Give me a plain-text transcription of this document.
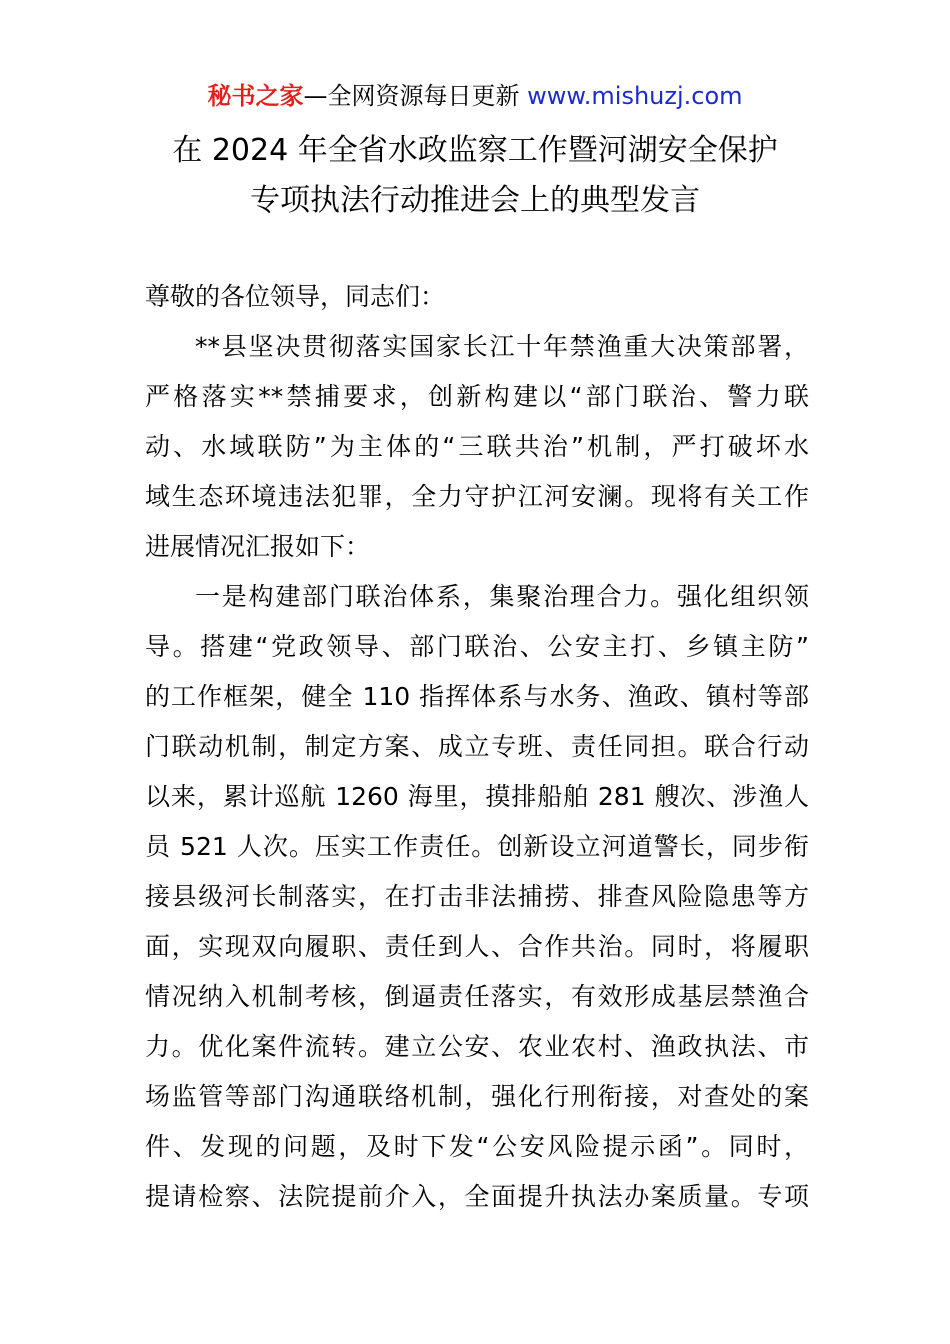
秘书之家—全网资源每日更新 www.mishuzj.com
在 2024 年全省水政监察工作暨河湖安全保护
专项执法行动推进会上的典型发言
尊敬的各位领导，同志们：
**县坚决贯彻落实国家长江十年禁渔重大决策部署，
严格落实**禁捕要求，创新构建以“部门联治、警力联
动、水域联防”为主体的“三联共治”机制，严打破坏水
域生态环境违法犯罪，全力守护江河安澜。现将有关工作
进展情况汇报如下：
一是构建部门联治体系，集聚治理合力。强化组织领
导。搭建“党政领导、部门联治、公安主打、乡镇主防”
的工作框架，健全 110 指挥体系与水务、渔政、镇村等部
门联动机制，制定方案、成立专班、责任同担。联合行动
以来，累计巡航 1260 海里，摸排船舶 281 艘次、涉渔人
员 521 人次。压实工作责任。创新设立河道警长，同步衔
接县级河长制落实，在打击非法捕捞、排查风险隐患等方
面，实现双向履职、责任到人、合作共治。同时，将履职
情况纳入机制考核，倒逼责任落实，有效形成基层禁渔合
力。优化案件流转。建立公安、农业农村、渔政执法、市
场监管等部门沟通联络机制，强化行刑衔接，对查处的案
件、发现的问题，及时下发“公安风险提示函”。同时，
提请检察、法院提前介入，全面提升执法办案质量。专项
